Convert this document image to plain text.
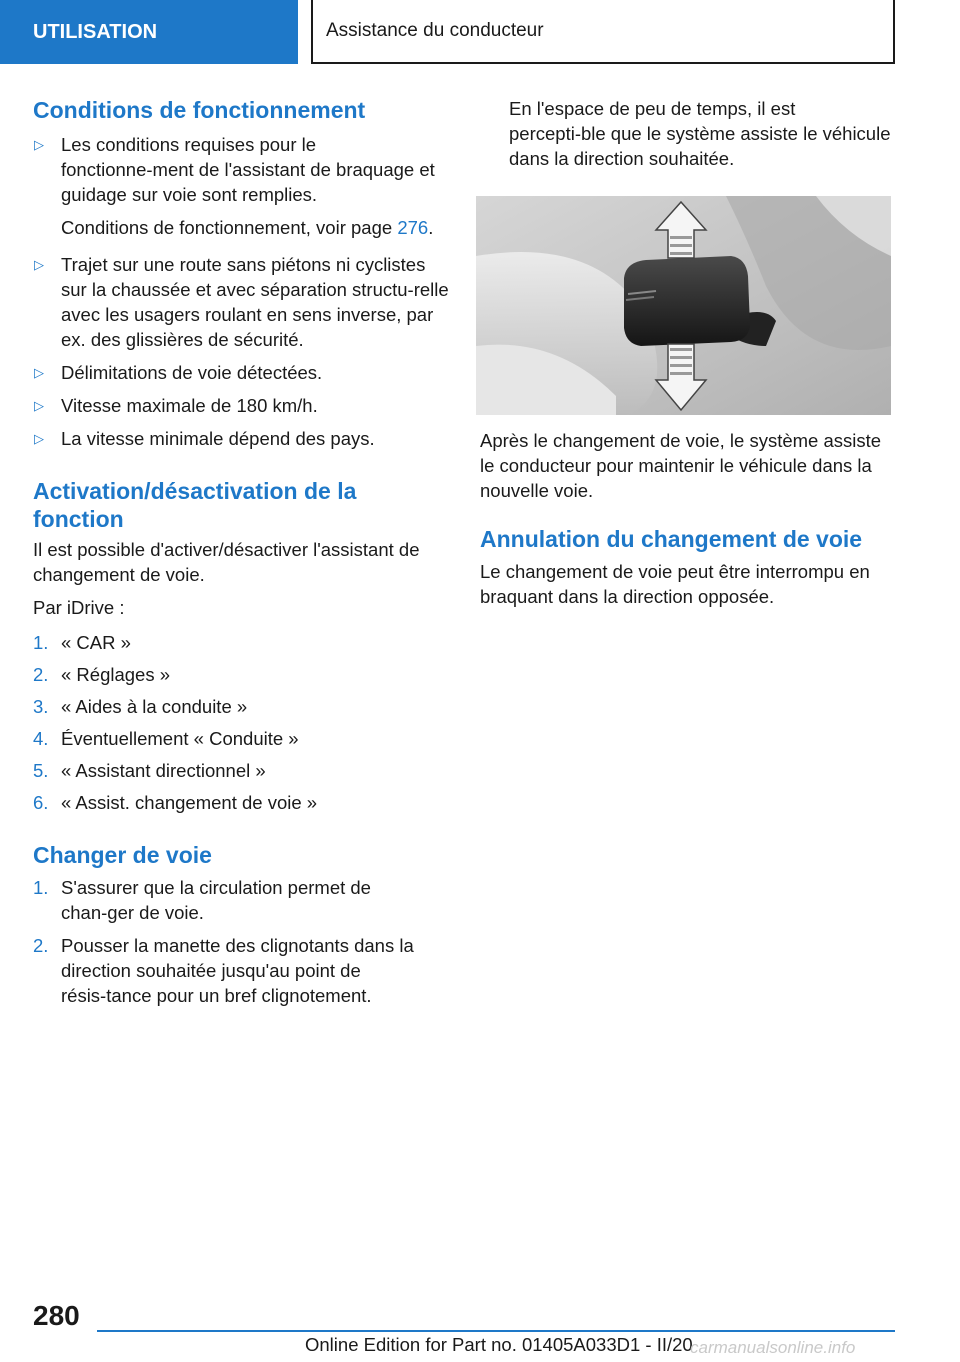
UTILISATION	Assistance du conducteur
Conditions de fonctionnement
▷ Les conditions requises pour le fonctionne‑ment de l'assistant de braquage et guidage sur voie sont remplies.
Conditions de fonctionnement, voir page 276.
▷ Trajet sur une route sans piétons ni cyclistes sur la chaussée et avec séparation structu‑relle avec les usagers roulant en sens inverse, par ex. des glissières de sécurité.
▷ Délimitations de voie détectées.
▷ Vitesse maximale de 180 km/h.
▷ La vitesse minimale dépend des pays.
Activation/désactivation de la fonction

Il est possible d'activer/désactiver l'assistant de changement de voie.

Par iDrive :

1. « CAR »
2. « Réglages »
3. « Aides à la conduite »
4. Éventuellement « Conduite »
5. « Assistant directionnel »
6. « Assist. changement de voie »
Changer de voie
1. S'assurer que la circulation permet de chan‑ger de voie.
2. Pousser la manette des clignotants dans la direction souhaitée jusqu'au point de résis‑tance pour un bref clignotement.

En l'espace de peu de temps, il est percepti‑ble que le système assiste le véhicule dans la direction souhaitée.

Après le changement de voie, le système assiste le conducteur pour maintenir le véhicule dans la nouvelle voie.

Annulation du changement de voie

Le changement de voie peut être interrompu en braquant dans la direction opposée.

280
Online Edition for Part no. 01405A033D1 - II/20
carmanualsonline.info
